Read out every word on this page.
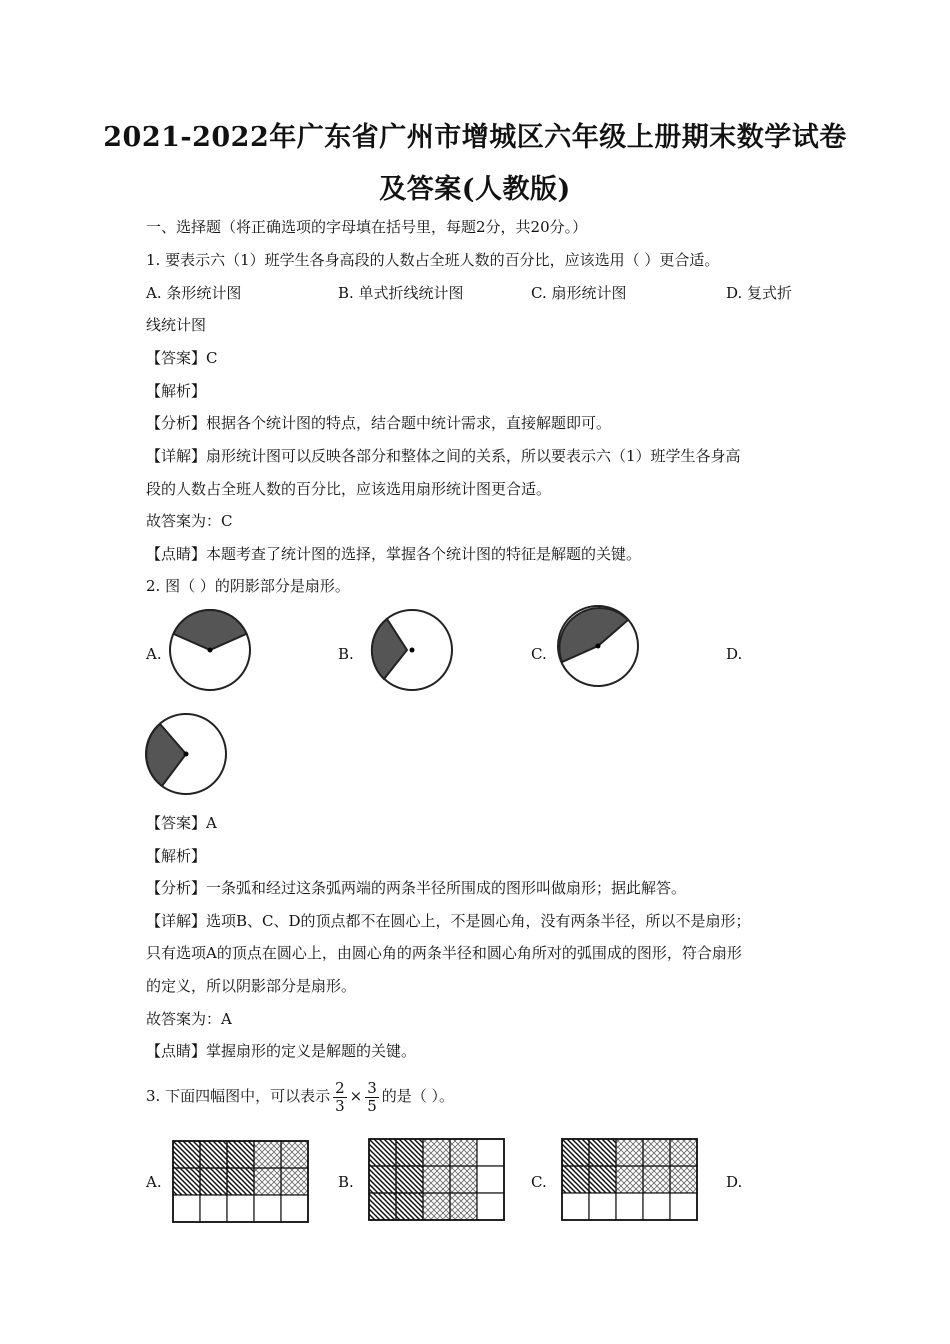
2021-2022年广东省广州市增城区六年级上册期末数学试卷
及答案(人教版)
一、选择题（将正确选项的字母填在括号里，每题2分，共20分。）
1. 要表示六（1）班学生各身高段的人数占全班人数的百分比，应该选用（ ）更合适。
A. 条形统计图	B. 单式折线统计图	C. 扇形统计图	D. 复式折
线统计图
【答案】C
【解析】
【分析】根据各个统计图的特点，结合题中统计需求，直接解题即可。
【详解】扇形统计图可以反映各部分和整体之间的关系，所以要表示六（1）班学生各身高
段的人数占全班人数的百分比，应该选用扇形统计图更合适。
故答案为：C
【点睛】本题考查了统计图的选择，掌握各个统计图的特征是解题的关键。
2. 图（ ）的阴影部分是扇形。
A.	B.	C.	D.
【答案】A
【解析】
【分析】一条弧和经过这条弧两端的两条半径所围成的图形叫做扇形；据此解答。
【详解】选项B、C、D的顶点都不在圆心上，不是圆心角，没有两条半径，所以不是扇形；
只有选项A的顶点在圆心上，由圆心角的两条半径和圆心角所对的弧围成的图形，符合扇形
的定义，所以阴影部分是扇形。
故答案为：A
【点睛】掌握扇形的定义是解题的关键。
3. 下面四幅图中，可以表示 $\frac{2}{3} \times \frac{3}{5}$ 的是（ ）。
A.	B.	C.	D.
